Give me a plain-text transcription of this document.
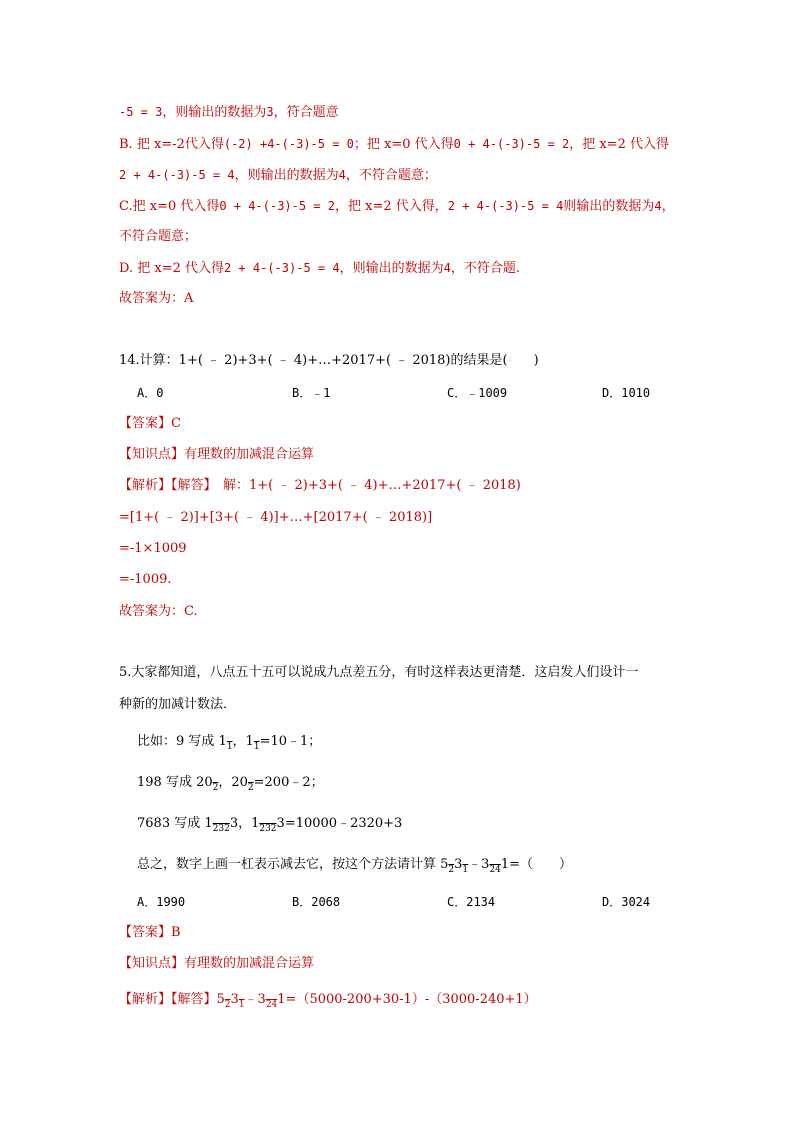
-5 = 3，则输出的数据为3，符合题意
B. 把 x=-2代入得(-2) +4-(-3)-5 = 0；把 x=0 代入得0 + 4-(-3)-5 = 2，把 x=2 代入得
2 + 4-(-3)-5 = 4，则输出的数据为4，不符合题意；
C.把 x=0 代入得0 + 4-(-3)-5 = 2，把 x=2 代入得，2 + 4-(-3)-5 = 4则输出的数据为4，
不符合题意；
D. 把 x=2 代入得2 + 4-(-3)-5 = 4，则输出的数据为4，不符合题.
故答案为：A
14.计算：1+( ﹣ 2)+3+( ﹣ 4)+…+2017+( ﹣ 2018)的结果是(　　)
A．0	B．﹣1	C．﹣1009	D．1010
【答案】C
【知识点】有理数的加减混合运算
【解析】【解答】　解：1+( ﹣ 2)+3+( ﹣ 4)+…+2017+( ﹣ 2018)
=[1+( ﹣ 2)]+[3+( ﹣ 4)]+…+[2017+( ﹣ 2018)]
=-1×1009
=-1009.
故答案为：C.
5.大家都知道，八点五十五可以说成九点差五分，有时这样表达更清楚．这启发人们设计一
种新的加减计数法．
比如：9 写成 $1_1$，$1_1=10﹣1$；
198 写成 $20_2$，$20_2=200﹣2$；
7683 写成 $1_{232}3$，$1_{232}3=10000﹣2320+3$
总之，数字上画一杠表示减去它，按这个方法请计算 $5_23_1﹣3_{24}1=$（　　）
A．1990	B．2068	C．2134	D．3024
【答案】B
【知识点】有理数的加减混合运算
【解析】【解答】$5_23_1﹣3_{24}1=(5000-200+30-1)-(3000-240+1)$
